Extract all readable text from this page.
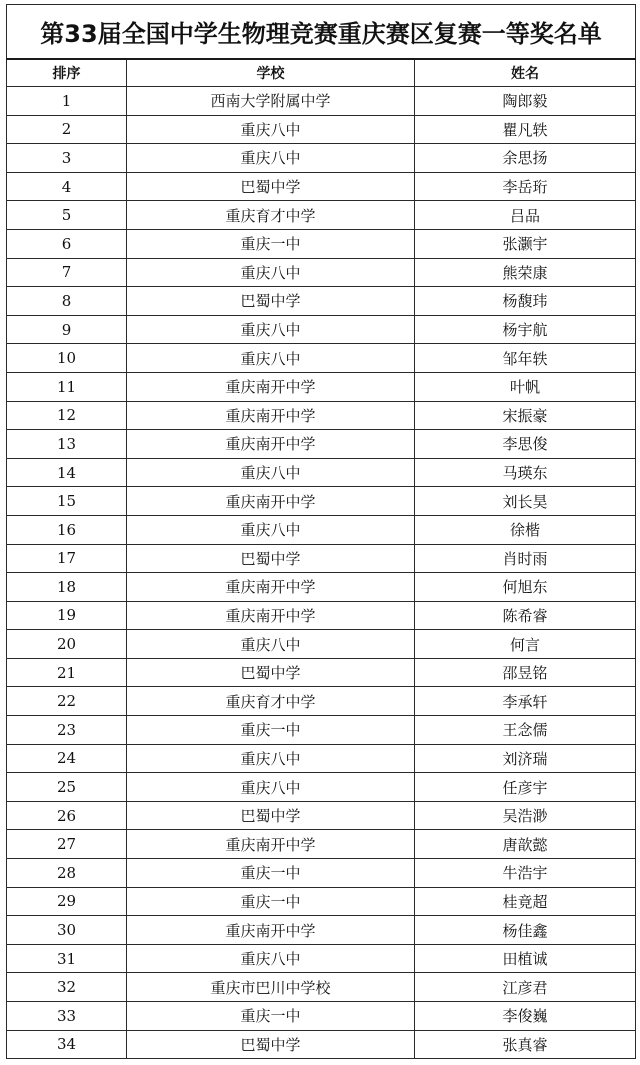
第33届全国中学生物理竞赛重庆赛区复赛一等奖名单		
排序	学校	姓名
1	西南大学附属中学	陶郎毅
2	重庆八中	瞿凡轶
3	重庆八中	余思扬
4	巴蜀中学	李岳珩
5	重庆育才中学	吕品
6	重庆一中	张灏宇
7	重庆八中	熊荣康
8	巴蜀中学	杨馥玮
9	重庆八中	杨宇航
10	重庆八中	邹年轶
11	重庆南开中学	叶帆
12	重庆南开中学	宋振豪
13	重庆南开中学	李思俊
14	重庆八中	马瑛东
15	重庆南开中学	刘长昊
16	重庆八中	徐楷
17	巴蜀中学	肖时雨
18	重庆南开中学	何旭东
19	重庆南开中学	陈希睿
20	重庆八中	何言
21	巴蜀中学	邵昱铭
22	重庆育才中学	李承轩
23	重庆一中	王念儒
24	重庆八中	刘济瑞
25	重庆八中	任彦宇
26	巴蜀中学	吴浩渺
27	重庆南开中学	唐歆懿
28	重庆一中	牛浩宇
29	重庆一中	桂竟超
30	重庆南开中学	杨佳鑫
31	重庆八中	田植诚
32	重庆市巴川中学校	江彦君
33	重庆一中	李俊巍
34	巴蜀中学	张真睿
